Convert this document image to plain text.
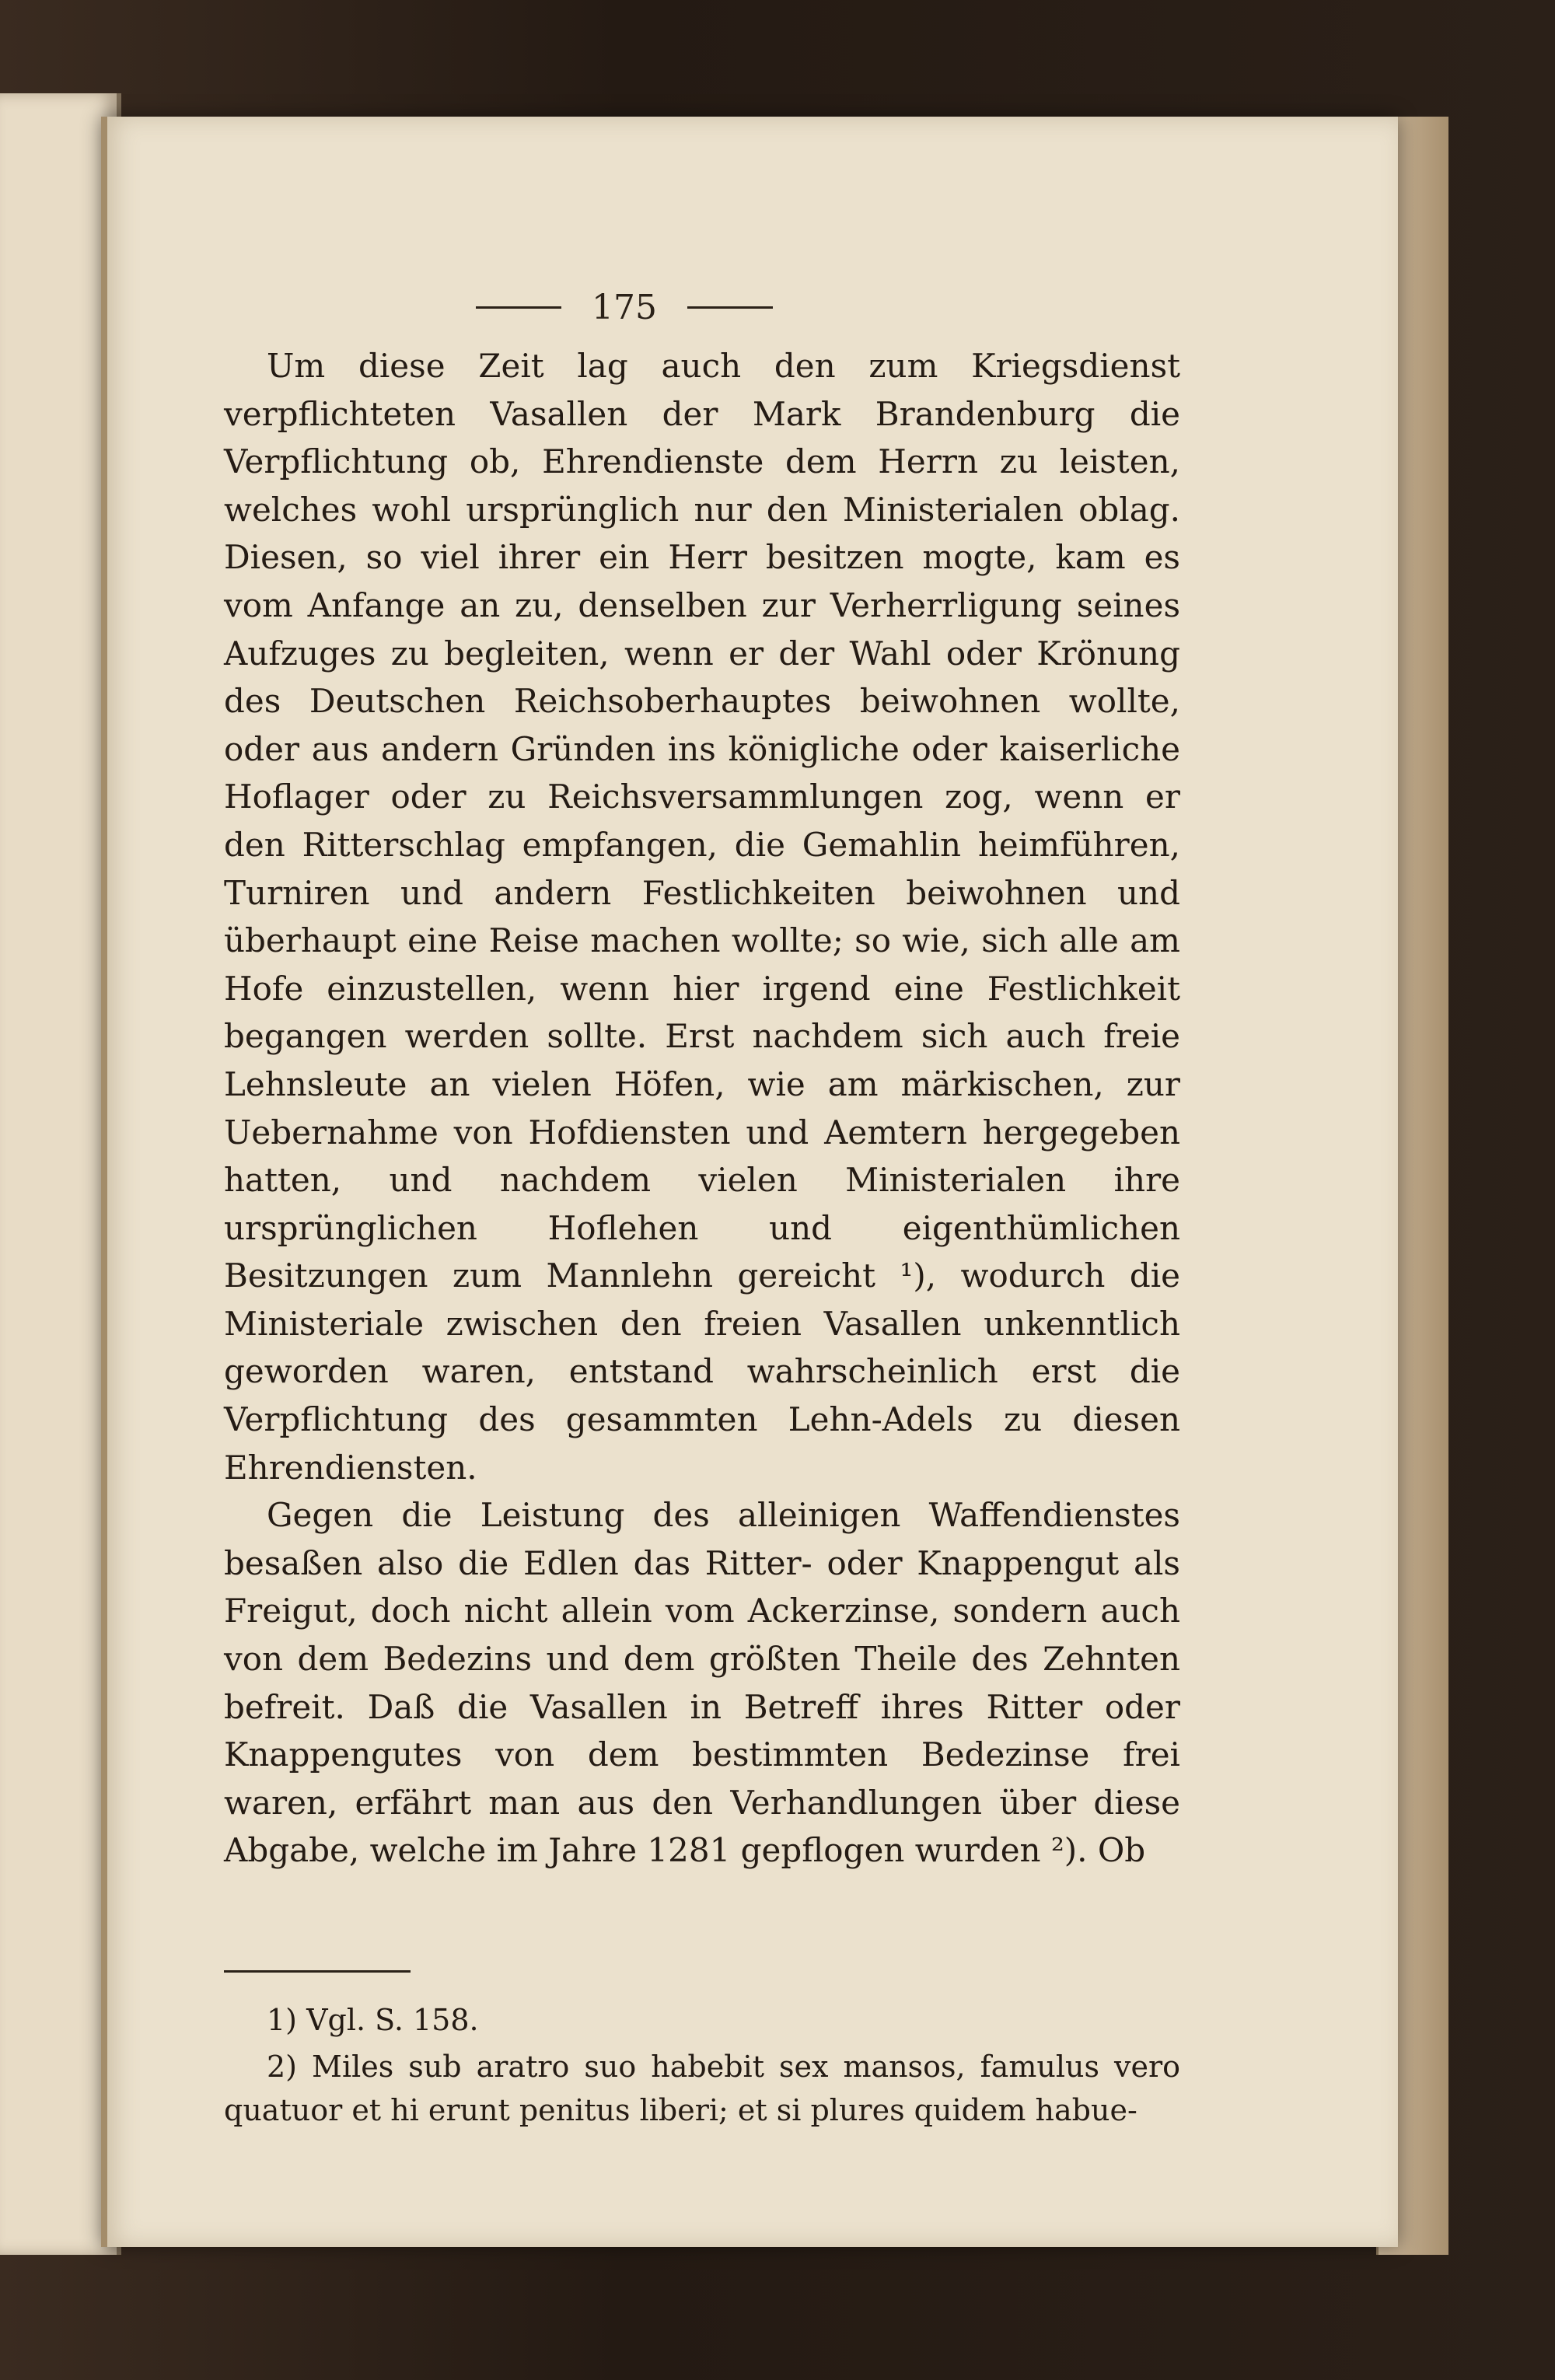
175

Um diese Zeit lag auch den zum Kriegsdienst verpflichteten Vasallen der Mark Brandenburg die Verpflichtung ob, Ehrendienste dem Herrn zu leisten, welches wohl ursprünglich nur den Ministerialen oblag. Diesen, so viel ihrer ein Herr besitzen mogte, kam es vom Anfange an zu, denselben zur Verherrligung seines Aufzuges zu begleiten, wenn er der Wahl oder Krönung des Deutschen Reichsoberhauptes beiwohnen wollte, oder aus andern Gründen ins königliche oder kaiserliche Hoflager oder zu Reichsversammlungen zog, wenn er den Ritterschlag empfangen, die Gemahlin heimführen, Turniren und andern Festlichkeiten beiwohnen und überhaupt eine Reise machen wollte; so wie, sich alle am Hofe einzustellen, wenn hier irgend eine Festlichkeit begangen werden sollte. Erst nachdem sich auch freie Lehnsleute an vielen Höfen, wie am märkischen, zur Uebernahme von Hofdiensten und Aemtern hergegeben hatten, und nachdem vielen Ministerialen ihre ursprünglichen Hoflehen und eigenthümlichen Besitzungen zum Mannlehn gereicht ¹), wodurch die Ministeriale zwischen den freien Vasallen unkenntlich geworden waren, entstand wahrscheinlich erst die Verpflichtung des gesammten Lehn-Adels zu diesen Ehrendiensten.

Gegen die Leistung des alleinigen Waffendienstes besaßen also die Edlen das Ritter- oder Knappengut als Freigut, doch nicht allein vom Ackerzinse, sondern auch von dem Bedezins und dem größten Theile des Zehnten befreit. Daß die Vasallen in Betreff ihres Ritter oder Knappengutes von dem bestimmten Bedezinse frei waren, erfährt man aus den Verhandlungen über diese Abgabe, welche im Jahre 1281 gepflogen wurden ²). Ob

1) Vgl. S. 158.

2) Miles sub aratro suo habebit sex mansos, famulus vero quatuor et hi erunt penitus liberi; et si plures quidem habue-
